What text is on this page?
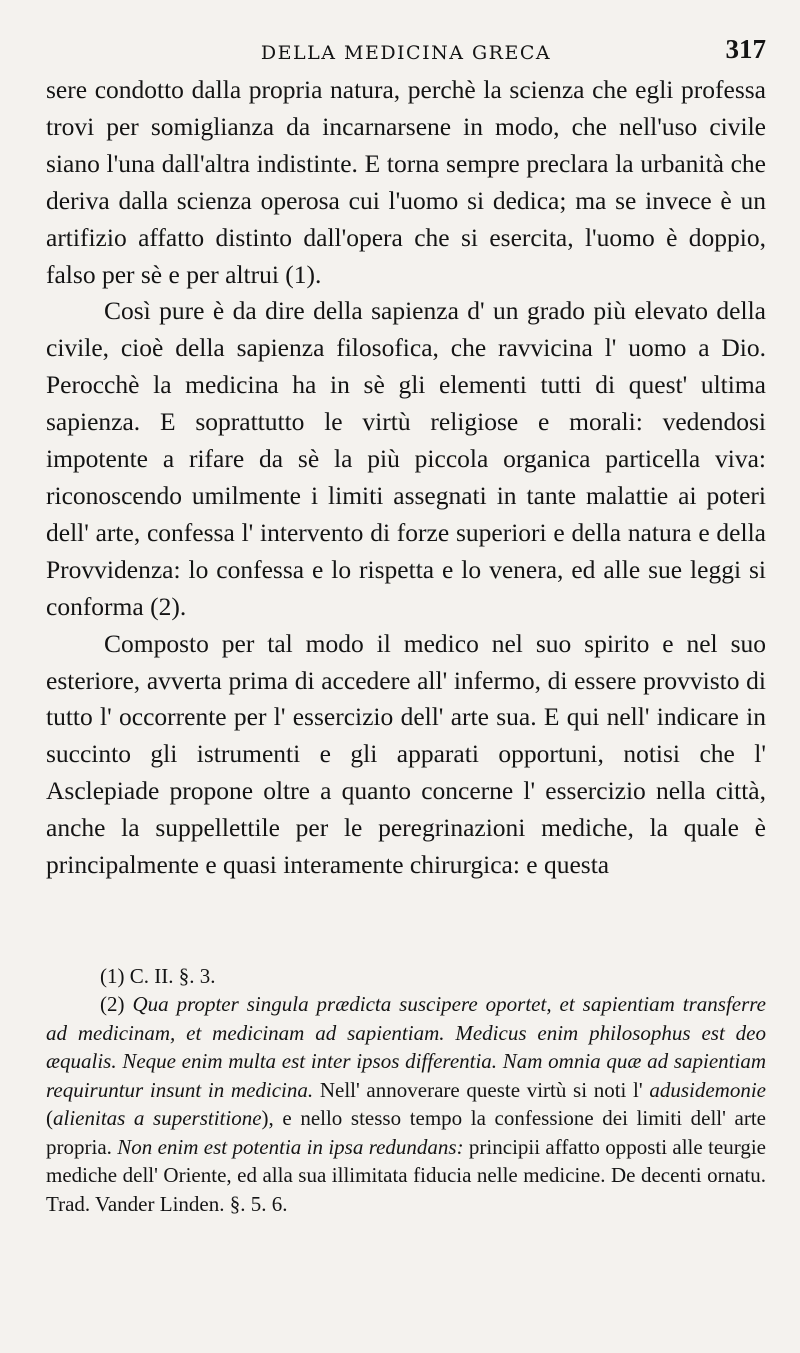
DELLA MEDICINA GRECA	317

sere condotto dalla propria natura, perchè la scienza che egli professa trovi per somiglianza da incarnarsene in modo, che nell'uso civile siano l'una dall'altra indistinte. E torna sempre preclara la urbanità che deriva dalla scienza operosa cui l'uomo si dedica; ma se invece è un artifizio affatto distinto dall'opera che si esercita, l'uomo è doppio, falso per sè e per altrui (1).

Così pure è da dire della sapienza d' un grado più elevato della civile, cioè della sapienza filosofica, che ravvicina l' uomo a Dio. Perocchè la medicina ha in sè gli elementi tutti di quest' ultima sapienza. E soprattutto le virtù religiose e morali: vedendosi impotente a rifare da sè la più piccola organica particella viva: riconoscendo umilmente i limiti assegnati in tante malattie ai poteri dell' arte, confessa l' intervento di forze superiori e della natura e della Provvidenza: lo confessa e lo rispetta e lo venera, ed alle sue leggi si conforma (2).

Composto per tal modo il medico nel suo spirito e nel suo esteriore, avverta prima di accedere all' infermo, di essere provvisto di tutto l' occorrente per l' essercizio dell' arte sua. E qui nell' indicare in succinto gli istrumenti e gli apparati opportuni, notisi che l' Asclepiade propone oltre a quanto concerne l' essercizio nella città, anche la suppellettile per le peregrinazioni mediche, la quale è principalmente e quasi interamente chirurgica: e questa

(1) C. II. §. 3.

(2) Qua propter singula prædicta suscipere oportet, et sapientiam transferre ad medicinam, et medicinam ad sapientiam. Medicus enim philosophus est deo æqualis. Neque enim multa est inter ipsos differentia. Nam omnia quæ ad sapientiam requiruntur insunt in medicina. Nell' annoverare queste virtù si noti l' adusidemonie (alienitas a superstitione), e nello stesso tempo la confessione dei limiti dell' arte propria. Non enim est potentia in ipsa redundans: principii affatto opposti alle teurgie mediche dell' Oriente, ed alla sua illimitata fiducia nelle medicine. De decenti ornatu. Trad. Vander Linden. §. 5. 6.
